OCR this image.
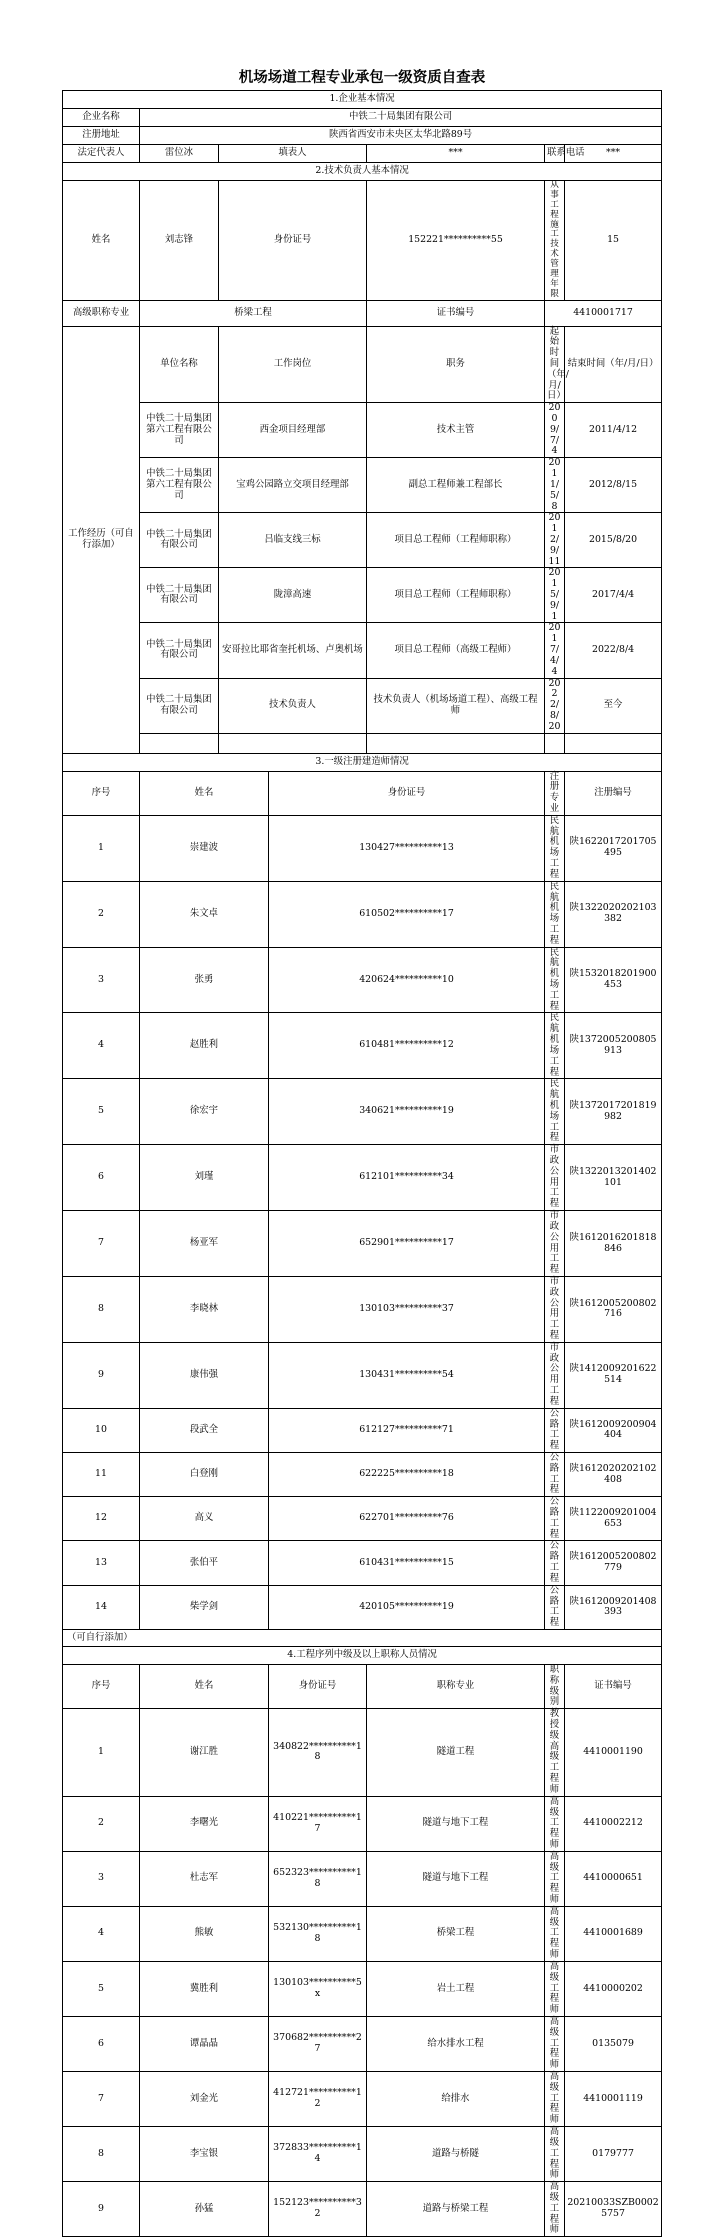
机场场道工程专业承包一级资质自查表
1.企业基本情况						
企业名称	中铁二十局集团有限公司					
注册地址	陕西省西安市未央区太华北路89号					
法定代表人	雷位冰	填表人		***	联系电话	***
2.技术负责人基本情况						
姓名	刘志锋	身份证号		152221**********55	从事工程施工技术管理年限	15
高级职称专业	桥梁工程			证书编号	4410001717	
工作经历（可自行添加）	单位名称	工作岗位		职务	起始时间（年/月/日）	结束时间（年/月/日）
	中铁二十局集团第六工程有限公司	西金项目经理部		技术主管	2009/7/4	2011/4/12
	中铁二十局集团第六工程有限公司	宝鸡公园路立交项目经理部		副总工程师兼工程部长	2011/5/8	2012/8/15
	中铁二十局集团有限公司	吕临支线三标		项目总工程师（工程师职称）	2012/9/11	2015/8/20
	中铁二十局集团有限公司	陇漳高速		项目总工程师（工程师职称）	2015/9/1	2017/4/4
	中铁二十局集团有限公司	安哥拉比耶省奎托机场、卢奥机场		项目总工程师（高级工程师）	2017/4/4	2022/8/4
	中铁二十局集团有限公司	技术负责人		技术负责人（机场场道工程）、高级工程师	2022/8/20	至今

3.一级注册建造师情况						
序号	姓名		身份证号		注册专业	注册编号
1	崇建波		130427**********13		民航机场工程	陕1622017201705495
2	朱文卓		610502**********17		民航机场工程	陕1322020202103382
3	张勇		420624**********10		民航机场工程	陕1532018201900453
4	赵胜利		610481**********12		民航机场工程	陕1372005200805913
5	徐宏宇		340621**********19		民航机场工程	陕1372017201819982
6	刘瑾		612101**********34		市政公用工程	陕1322013201402101
7	杨亚军		652901**********17		市政公用工程	陕1612016201818846
8	李晓林		130103**********37		市政公用工程	陕1612005200802716
9	康伟强		130431**********54		市政公用工程	陕1412009201622514
10	段武全		612127**********71		公路工程	陕1612009200904404
11	白登刚		622225**********18		公路工程	陕1612020202102408
12	高义		622701**********76		公路工程	陕1122009201004653
13	张伯平		610431**********15		公路工程	陕1612005200802779
14	柴学剑		420105**********19		公路工程	陕1612009201408393
（可自行添加）						
4.工程序列中级及以上职称人员情况						
序号	姓名		身份证号	职称专业	职称级别	证书编号
1	谢江胜		340822**********18	隧道工程	教授级高级工程师	4410001190
2	李曙光		410221**********17	隧道与地下工程	高级工程师	4410002212
3	杜志军		652323**********18	隧道与地下工程	高级工程师	4410000651
4	熊敏		532130**********18	桥梁工程	高级工程师	4410001689
5	冀胜利		130103**********5x	岩土工程	高级工程师	4410000202
6	谭晶晶		370682**********27	给水排水工程	高级工程师	0135079
7	刘金光		412721**********12	给排水	高级工程师	4410001119
8	李宝银		372833**********14	道路与桥隧	高级工程师	0179777
9	孙猛		152123**********32	道路与桥梁工程	高级工程师	20210033SZB00025757
